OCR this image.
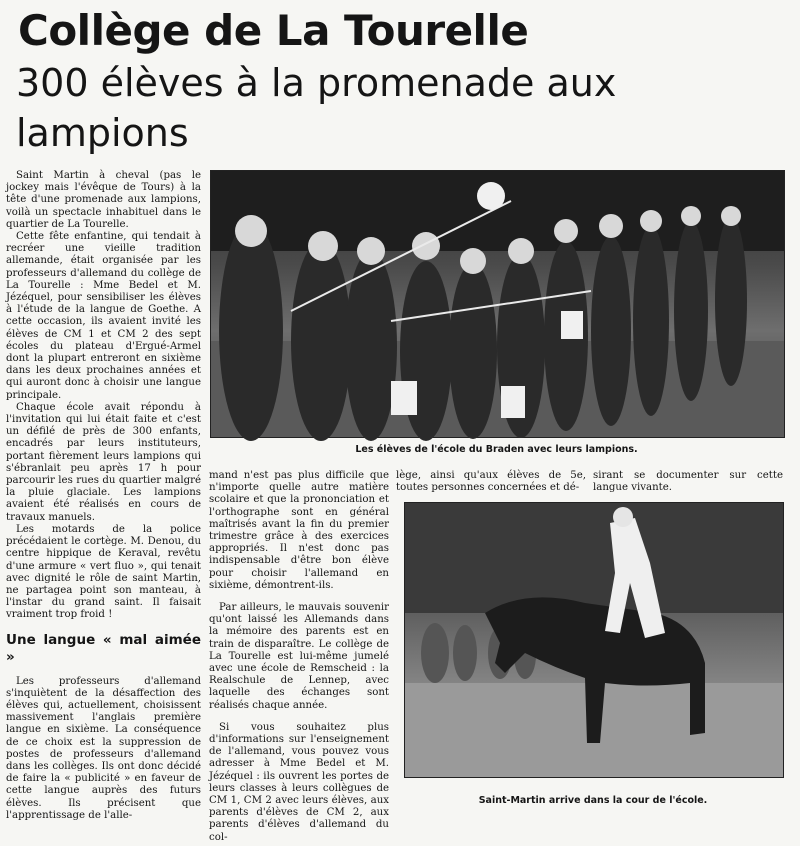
Collège de La Tourelle
300 élèves à la promenade aux lampions

Saint Martin à cheval (pas le jockey mais l'évêque de Tours) à la tête d'une promenade aux lampions, voilà un spectacle inhabituel dans le quartier de La Tourelle.

Cette fête enfantine, qui tendait à recréer une vieille tradition allemande, était organisée par les professeurs d'allemand du collège de La Tourelle : Mme Bedel et M. Jézéquel, pour sensibiliser les élèves à l'étude de la langue de Goethe. A cette occasion, ils avaient invité les élèves de CM 1 et CM 2 des sept écoles du plateau d'Ergué-Armel dont la plupart entreront en sixième dans les deux prochaines années et qui auront donc à choisir une langue principale.

Chaque école avait répondu à l'invitation qui lui était faite et c'est un défilé de près de 300 enfants, encadrés par leurs instituteurs, portant fièrement leurs lampions qui s'ébranlait peu après 17 h pour parcourir les rues du quartier malgré la pluie glaciale. Les lampions avaient été réalisés en cours de travaux manuels.

Les motards de la police précédaient le cortège. M. Denou, du centre hippique de Keraval, revêtu d'une armure « vert fluo », qui tenait avec dignité le rôle de saint Martin, ne partagea point son manteau, à l'instar du grand saint. Il faisait vraiment trop froid !

Une langue « mal aimée »

Les professeurs d'allemand s'inquiètent de la désaffection des élèves qui, actuellement, choisissent massivement l'anglais première langue en sixième. La conséquence de ce choix est la suppression de postes de professeurs d'allemand dans les collèges. Ils ont donc décidé de faire la « publicité » en faveur de cette langue auprès des futurs élèves. Ils précisent que l'apprentissage de l'alle-

Les élèves de l'école du Braden avec leurs lampions.

mand n'est pas plus difficile que n'importe quelle autre matière scolaire et que la prononciation et l'orthographe sont en général maîtrisés avant la fin du premier trimestre grâce à des exercices appropriés. Il n'est donc pas indispensable d'être bon élève pour choisir l'allemand en sixième, démontrent-ils.

Par ailleurs, le mauvais souvenir qu'ont laissé les Allemands dans la mémoire des parents est en train de disparaître. Le collège de La Tourelle est lui-même jumelé avec une école de Remscheid : la Realschule de Lennep, avec laquelle des échanges sont réalisés chaque année.

Si vous souhaitez plus d'informations sur l'enseignement de l'allemand, vous pouvez vous adresser à Mme Bedel et M. Jézéquel : ils ouvrent les portes de leurs classes à leurs collègues de CM 1, CM 2 avec leurs élèves, aux parents d'élèves de CM 2, aux parents d'élèves d'allemand du col-

lège, ainsi qu'aux élèves de 5e, toutes personnes concernées et dé-

sirant se documenter sur cette langue vivante.

Saint-Martin arrive dans la cour de l'école.
